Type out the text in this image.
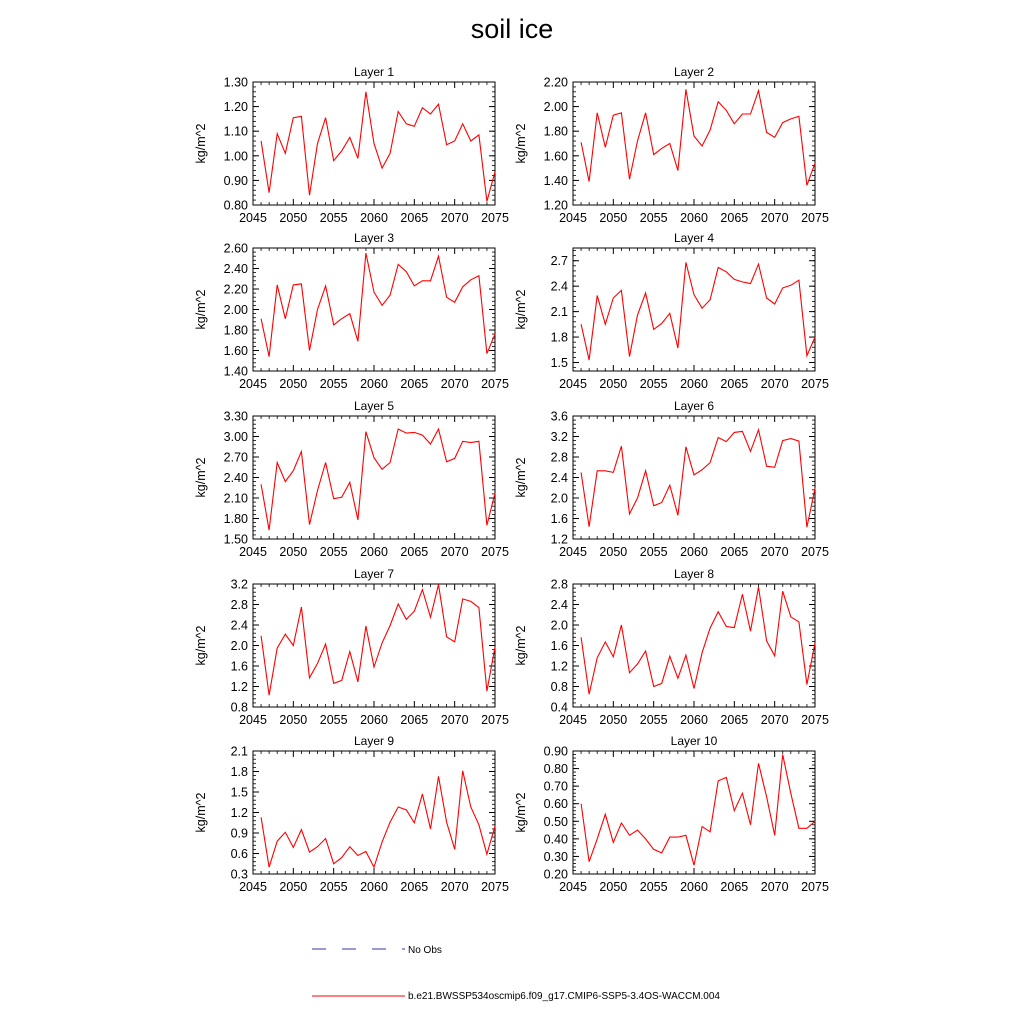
soil ice
Layer 1
0.80
0.90
1.00
1.10
1.20
1.30
2045 2050 2055 2060 2065 2070 2075
kg/m^2
Layer 2
1.20
1.40
1.60
1.80
2.00
2.20
2045 2050 2055 2060 2065 2070 2075
kg/m^2
Layer 3
1.40
1.60
1.80
2.00
2.20
2.40
2.60
2045 2050 2055 2060 2065 2070 2075
kg/m^2
Layer 4
1.5
1.8
2.1
2.4
2.7
2045 2050 2055 2060 2065 2070 2075
kg/m^2
Layer 5
1.50
1.80
2.10
2.40
2.70
3.00
3.30
2045 2050 2055 2060 2065 2070 2075
kg/m^2
Layer 6
1.2
1.6
2.0
2.4
2.8
3.2
3.6
2045 2050 2055 2060 2065 2070 2075
kg/m^2
Layer 7
0.8
1.2
1.6
2.0
2.4
2.8
3.2
2045 2050 2055 2060 2065 2070 2075
kg/m^2
Layer 8
0.4
0.8
1.2
1.6
2.0
2.4
2.8
2045 2050 2055 2060 2065 2070 2075
kg/m^2
Layer 9
0.3
0.6
0.9
1.2
1.5
1.8
2.1
2045 2050 2055 2060 2065 2070 2075
kg/m^2
Layer 10
0.20
0.30
0.40
0.50
0.60
0.70
0.80
0.90
2045 2050 2055 2060 2065 2070 2075
kg/m^2
No Obs
b.e21.BWSSP534oscmip6.f09_g17.CMIP6-SSP5-3.4OS-WACCM.004
